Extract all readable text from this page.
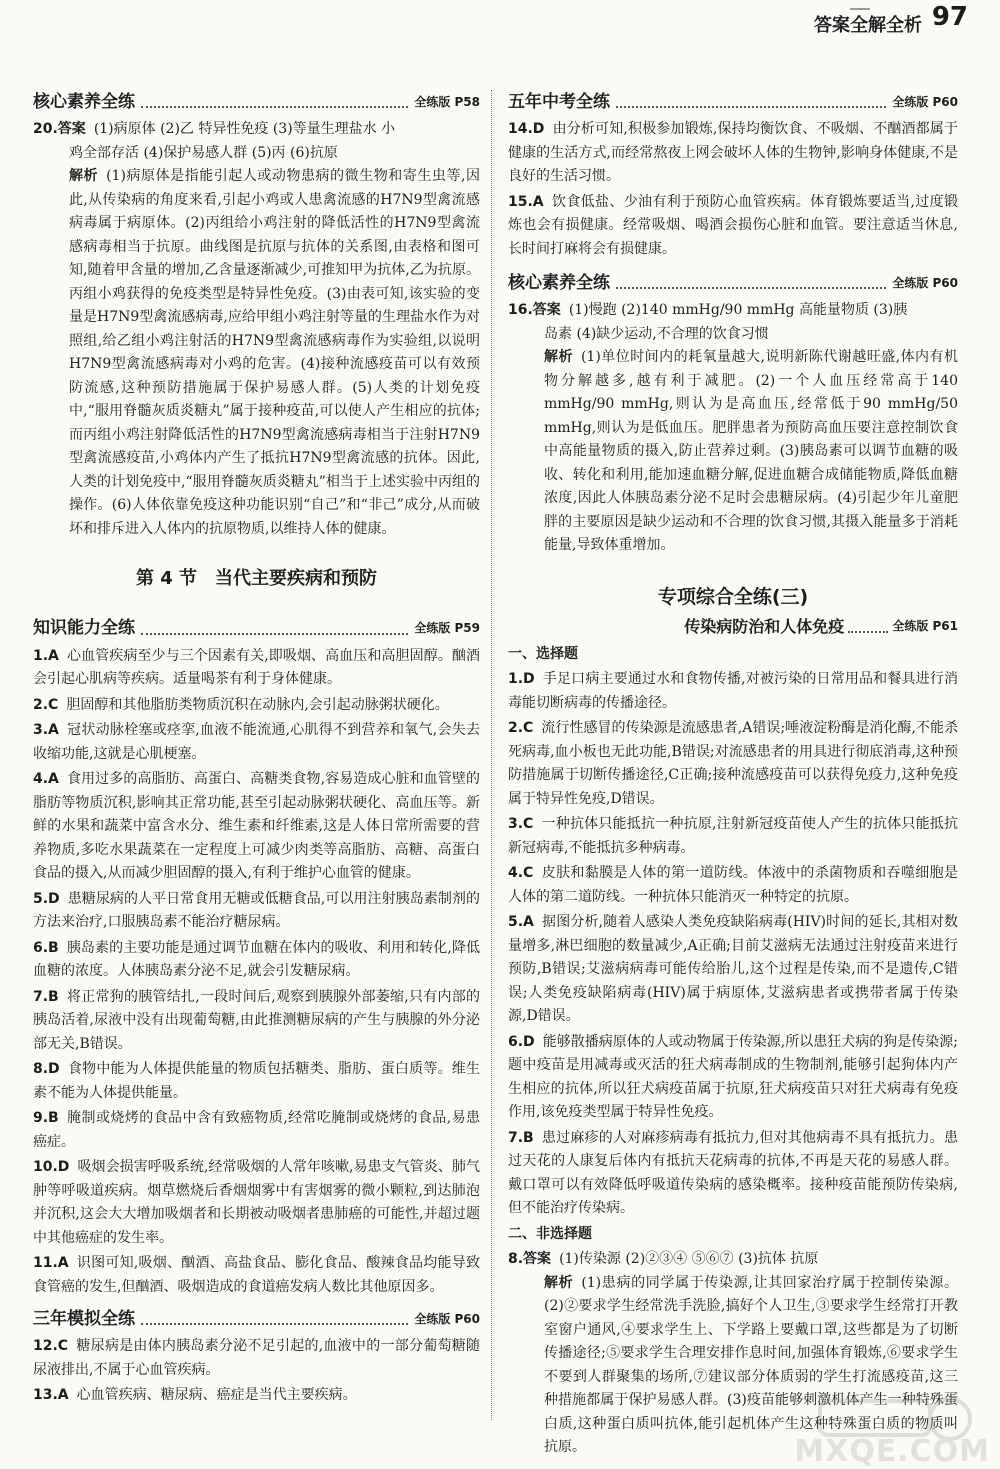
答案全解全析 97
核心素养全练	全练版 P58
20.答案 (1)病原体 (2)乙 特异性免疫 (3)等量生理盐水 小
鸡全部存活 (4)保护易感人群 (5)丙 (6)抗原
解析 (1)病原体是指能引起人或动物患病的微生物和寄生虫等,因此,从传染病的角度来看,引起小鸡或人患禽流感的H7N9型禽流感病毒属于病原体。(2)丙组给小鸡注射的降低活性的H7N9型禽流感病毒相当于抗原。曲线图是抗原与抗体的关系图,由表格和图可知,随着甲含量的增加,乙含量逐渐减少,可推知甲为抗体,乙为抗原。丙组小鸡获得的免疫类型是特异性免疫。(3)由表可知,该实验的变量是H7N9型禽流感病毒,应给甲组小鸡注射等量的生理盐水作为对照组,给乙组小鸡注射活的H7N9型禽流感病毒作为实验组,以说明H7N9型禽流感病毒对小鸡的危害。(4)接种流感疫苗可以有效预防流感,这种预防措施属于保护易感人群。(5)人类的计划免疫中,“服用脊髓灰质炎糖丸”属于接种疫苗,可以使人产生相应的抗体;而丙组小鸡注射降低活性的H7N9型禽流感病毒相当于注射H7N9型禽流感疫苗,小鸡体内产生了抵抗H7N9型禽流感的抗体。因此,人类的计划免疫中,“服用脊髓灰质炎糖丸”相当于上述实验中丙组的操作。(6)人体依靠免疫这种功能识别“自己”和“非己”成分,从而破坏和排斥进入人体内的抗原物质,以维持人体的健康。
第 4 节 当代主要疾病和预防
知识能力全练	全练版 P59
1.A 心血管疾病至少与三个因素有关,即吸烟、高血压和高胆固醇。酗酒会引起心肌病等疾病。适量喝茶有利于身体健康。
2.C 胆固醇和其他脂肪类物质沉积在动脉内,会引起动脉粥状硬化。
3.A 冠状动脉栓塞或痉挛,血液不能流通,心肌得不到营养和氧气,会失去收缩功能,这就是心肌梗塞。
4.A 食用过多的高脂肪、高蛋白、高糖类食物,容易造成心脏和血管壁的脂肪等物质沉积,影响其正常功能,甚至引起动脉粥状硬化、高血压等。新鲜的水果和蔬菜中富含水分、维生素和纤维素,这是人体日常所需要的营养物质,多吃水果蔬菜在一定程度上可减少肉类等高脂肪、高糖、高蛋白食品的摄入,从而减少胆固醇的摄入,有利于维护心血管的健康。
5.D 患糖尿病的人平日常食用无糖或低糖食品,可以用注射胰岛素制剂的方法来治疗,口服胰岛素不能治疗糖尿病。
6.B 胰岛素的主要功能是通过调节血糖在体内的吸收、利用和转化,降低血糖的浓度。人体胰岛素分泌不足,就会引发糖尿病。
7.B 将正常狗的胰管结扎,一段时间后,观察到胰腺外部萎缩,只有内部的胰岛活着,尿液中没有出现葡萄糖,由此推测糖尿病的产生与胰腺的外分泌部无关,B错误。
8.D 食物中能为人体提供能量的物质包括糖类、脂肪、蛋白质等。维生素不能为人体提供能量。
9.B 腌制或烧烤的食品中含有致癌物质,经常吃腌制或烧烤的食品,易患癌症。
10.D 吸烟会损害呼吸系统,经常吸烟的人常年咳嗽,易患支气管炎、肺气肿等呼吸道疾病。烟草燃烧后香烟烟雾中有害烟雾的微小颗粒,到达肺泡并沉积,这会大大增加吸烟者和长期被动吸烟者患肺癌的可能性,并超过题中其他癌症的发生率。
11.A 识图可知,吸烟、酗酒、高盐食品、膨化食品、酸辣食品均能导致食管癌的发生,但酗酒、吸烟造成的食道癌发病人数比其他原因多。
三年模拟全练	全练版 P60
12.C 糖尿病是由体内胰岛素分泌不足引起的,血液中的一部分葡萄糖随尿液排出,不属于心血管疾病。
13.A 心血管疾病、糖尿病、癌症是当代主要疾病。
五年中考全练	全练版 P60
14.D 由分析可知,积极参加锻炼,保持均衡饮食、不吸烟、不酗酒都属于健康的生活方式,而经常熬夜上网会破坏人体的生物钟,影响身体健康,不是良好的生活习惯。
15.A 饮食低盐、少油有利于预防心血管疾病。体育锻炼要适当,过度锻炼也会有损健康。经常吸烟、喝酒会损伤心脏和血管。要注意适当休息,长时间打麻将会有损健康。
核心素养全练	全练版 P60
16.答案 (1)慢跑 (2)140 mmHg/90 mmHg 高能量物质 (3)胰
岛素 (4)缺少运动,不合理的饮食习惯
解析 (1)单位时间内的耗氧量越大,说明新陈代谢越旺盛,体内有机物分解越多,越有利于减肥。(2)一个人血压经常高于140 mmHg/90 mmHg,则认为是高血压,经常低于90 mmHg/50 mmHg,则认为是低血压。肥胖患者为预防高血压要注意控制饮食中高能量物质的摄入,防止营养过剩。(3)胰岛素可以调节血糖的吸收、转化和利用,能加速血糖分解,促进血糖合成储能物质,降低血糖浓度,因此人体胰岛素分泌不足时会患糖尿病。(4)引起少年儿童肥胖的主要原因是缺少运动和不合理的饮食习惯,其摄入能量多于消耗能量,导致体重增加。
专项综合全练(三)
传染病防治和人体免疫	全练版 P61
一、选择题
1.D 手足口病主要通过水和食物传播,对被污染的日常用品和餐具进行消毒能切断病毒的传播途径。
2.C 流行性感冒的传染源是流感患者,A错误;唾液淀粉酶是消化酶,不能杀死病毒,血小板也无此功能,B错误;对流感患者的用具进行彻底消毒,这种预防措施属于切断传播途径,C正确;接种流感疫苗可以获得免疫力,这种免疫属于特异性免疫,D错误。
3.C 一种抗体只能抵抗一种抗原,注射新冠疫苗使人产生的抗体只能抵抗新冠病毒,不能抵抗多种病毒。
4.C 皮肤和黏膜是人体的第一道防线。体液中的杀菌物质和吞噬细胞是人体的第二道防线。一种抗体只能消灭一种特定的抗原。
5.A 据图分析,随着人感染人类免疫缺陷病毒(HIV)时间的延长,其相对数量增多,淋巴细胞的数量减少,A正确;目前艾滋病无法通过注射疫苗来进行预防,B错误;艾滋病病毒可能传给胎儿,这个过程是传染,而不是遗传,C错误;人类免疫缺陷病毒(HIV)属于病原体,艾滋病患者或携带者属于传染源,D错误。
6.D 能够散播病原体的人或动物属于传染源,所以患狂犬病的狗是传染源;题中疫苗是用减毒或灭活的狂犬病毒制成的生物制剂,能够引起狗体内产生相应的抗体,所以狂犬病疫苗属于抗原,狂犬病疫苗只对狂犬病毒有免疫作用,该免疫类型属于特异性免疫。
7.B 患过麻疹的人对麻疹病毒有抵抗力,但对其他病毒不具有抵抗力。患过天花的人康复后体内有抵抗天花病毒的抗体,不再是天花的易感人群。戴口罩可以有效降低呼吸道传染病的感染概率。接种疫苗能预防传染病,但不能治疗传染病。
二、非选择题
8.答案 (1)传染源 (2)②③④ ⑤⑥⑦ (3)抗体 抗原
解析 (1)患病的同学属于传染源,让其回家治疗属于控制传染源。(2)②要求学生经常洗手洗脸,搞好个人卫生,③要求学生经常打开教室窗户通风,④要求学生上、下学路上要戴口罩,这些都是为了切断传播途径;⑤要求学生合理安排作息时间,加强体育锻炼,⑥要求学生不要到人群聚集的场所,⑦建议部分体质弱的学生打流感疫苗,这三种措施都属于保护易感人群。(3)疫苗能够刺激机体产生一种特殊蛋白质,这种蛋白质叫抗体,能引起机体产生这种特殊蛋白质的物质叫抗原。	MXQE.COM
